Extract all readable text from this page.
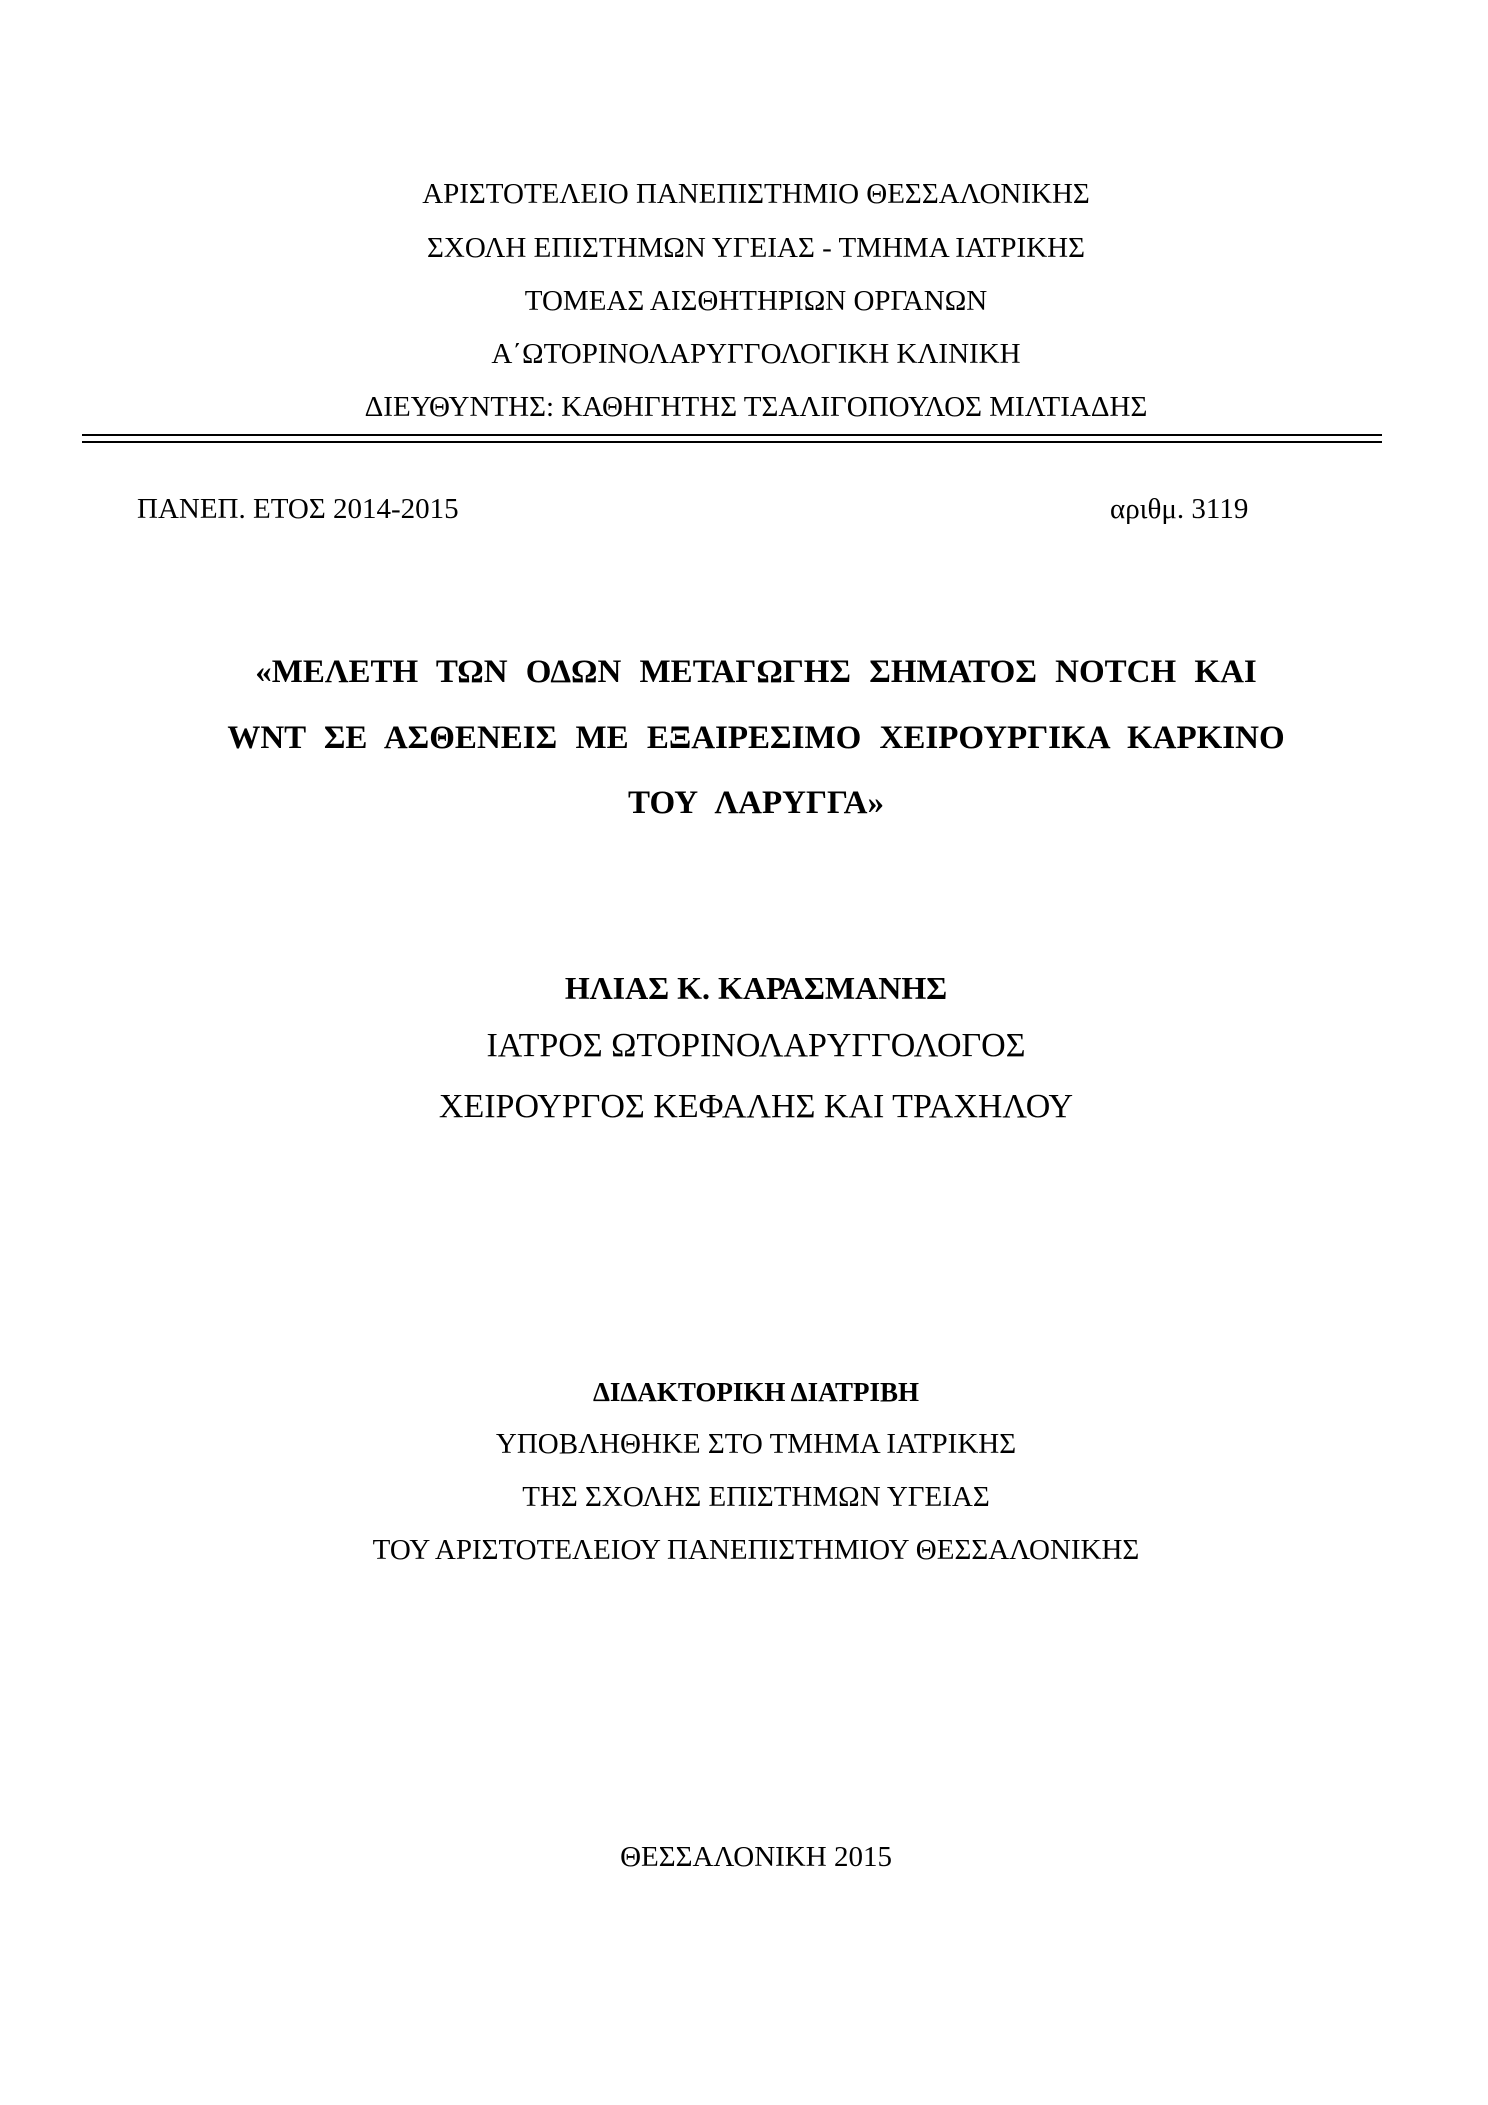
ΑΡΙΣΤΟΤΕΛΕΙΟ ΠΑΝΕΠΙΣΤΗΜΙΟ ΘΕΣΣΑΛΟΝΙΚΗΣ
ΣΧΟΛΗ ΕΠΙΣΤΗΜΩΝ ΥΓΕΙΑΣ - ΤΜΗΜΑ ΙΑΤΡΙΚΗΣ
ΤΟΜΕΑΣ ΑΙΣΘΗΤΗΡΙΩΝ ΟΡΓΑΝΩΝ
Α΄ΩΤΟΡΙΝΟΛΑΡΥΓΓΟΛΟΓΙΚΗ ΚΛΙΝΙΚΗ
ΔΙΕΥΘΥΝΤΗΣ: ΚΑΘΗΓΗΤΗΣ ΤΣΑΛΙΓΟΠΟΥΛΟΣ ΜΙΛΤΙΑΔΗΣ
ΠΑΝΕΠ. ΕΤΟΣ 2014-2015	αριθμ. 3119
«ΜΕΛΕΤΗ ΤΩΝ ΟΔΩΝ ΜΕΤΑΓΩΓΗΣ ΣΗΜΑΤΟΣ NOTCH ΚΑΙ
WNT ΣΕ ΑΣΘΕΝΕΙΣ ΜΕ ΕΞΑΙΡΕΣΙΜΟ ΧΕΙΡΟΥΡΓΙΚΑ ΚΑΡΚΙΝΟ
ΤΟΥ ΛΑΡΥΓΓΑ»
ΗΛΙΑΣ Κ. ΚΑΡΑΣΜΑΝΗΣ
ΙΑΤΡΟΣ ΩΤΟΡΙΝΟΛΑΡΥΓΓΟΛΟΓΟΣ
ΧΕΙΡΟΥΡΓΟΣ ΚΕΦΑΛΗΣ ΚΑΙ ΤΡΑΧΗΛΟΥ
ΔΙΔΑΚΤΟΡΙΚΗ ΔΙΑΤΡΙΒΗ
ΥΠΟΒΛΗΘΗΚΕ ΣΤΟ ΤΜΗΜΑ ΙΑΤΡΙΚΗΣ
ΤΗΣ ΣΧΟΛΗΣ ΕΠΙΣΤΗΜΩΝ ΥΓΕΙΑΣ
ΤΟΥ ΑΡΙΣΤΟΤΕΛΕΙΟΥ ΠΑΝΕΠΙΣΤΗΜΙΟΥ ΘΕΣΣΑΛΟΝΙΚΗΣ
ΘΕΣΣΑΛΟΝΙΚΗ 2015
